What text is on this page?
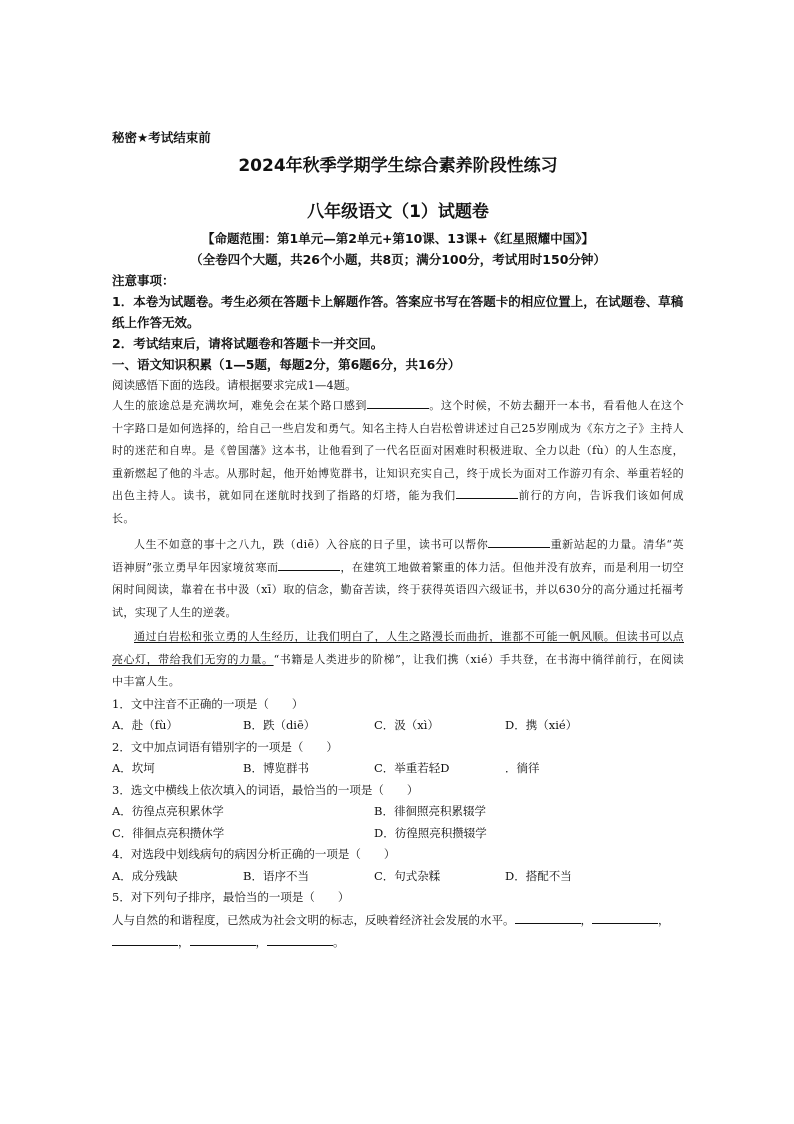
秘密★考试结束前
2024年秋季学期学生综合素养阶段性练习
八年级语文（1）试题卷
【命题范围：第1单元—第2单元+第10课、13课+《红星照耀中国》】
（全卷四个大题，共26个小题，共8页；满分100分，考试用时150分钟）
注意事项：
1．本卷为试题卷。考生必须在答题卡上解题作答。答案应书写在答题卡的相应位置上，在试题卷、草稿纸上作答无效。
2．考试结束后，请将试题卷和答题卡一并交回。
一、语文知识积累（1—5题，每题2分，第6题6分，共16分）
阅读感悟下面的选段。请根据要求完成1—4题。
人生的旅途总是充满坎坷，难免会在某个路口感到	。这个时候，不妨去翻开一本书，看看他人在这个十字路口是如何选择的，给自己一些启发和勇气。知名主持人白岩松曾讲述过自己25岁刚成为《东方之子》主持人时的迷茫和自卑。是《曾国藩》这本书，让他看到了一代名臣面对困难时积极进取、全力以赴（fù）的人生态度，重新燃起了他的斗志。从那时起，他开始博览群书，让知识充实自己，终于成长为面对工作游刃有余、举重若轻的出色主持人。读书，就如同在迷航时找到了指路的灯塔，能为我们	前行的方向，告诉我们该如何成长。
人生不如意的事十之八九，跌（diē）入谷底的日子里，读书可以帮你	重新站起的力量。清华“英语神厨”张立勇早年因家境贫寒而	，在建筑工地做着繁重的体力活。但他并没有放弃，而是利用一切空闲时间阅读，靠着在书中汲（xī）取的信念，勤奋苦读，终于获得英语四六级证书，并以630分的高分通过托福考试，实现了人生的逆袭。
通过白岩松和张立勇的人生经历，让我们明白了，人生之路漫长而曲折，谁都不可能一帆风顺。但读书可以点亮心灯，带给我们无穷的力量。“书籍是人类进步的阶梯”，让我们携（xié）手共登，在书海中徜徉前行，在阅读中丰富人生。
1．文中注音不正确的一项是（　　）
A．赴（fù）	B．跌（diē）	C．汲（xì）	D．携（xié）
2．文中加点词语有错别字的一项是（　　）
A．坎坷	B．博览群书	C．举重若轻D	．徜徉
3．选文中横线上依次填入的词语，最恰当的一项是（　　）
A．彷徨点亮积累休学	B．徘徊照亮积累辍学
C．徘徊点亮积攒休学	D．彷徨照亮积攒辍学
4．对选段中划线病句的病因分析正确的一项是（　　）
A．成分残缺	B．语序不当	C．句式杂糅	D．搭配不当
5．对下列句子排序，最恰当的一项是（　　）
人与自然的和谐程度，已然成为社会文明的标志，反映着经济社会发展的水平。	，	，，	，	。
